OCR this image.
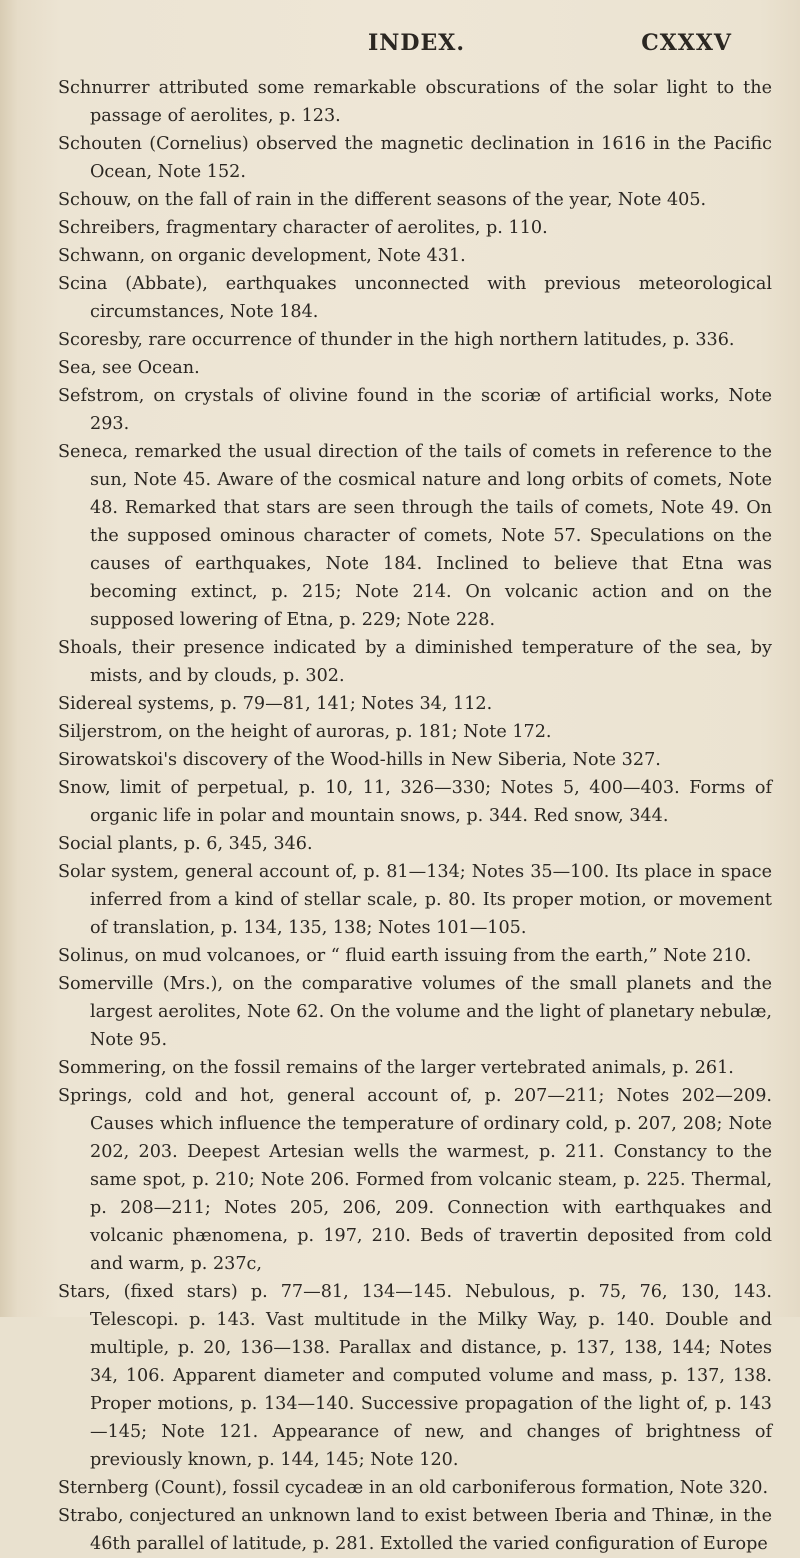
INDEX.	CXXXV

Schnurrer attributed some remarkable obscurations of the solar light to the passage of aerolites, p. 123.

Schouten (Cornelius) observed the magnetic declination in 1616 in the Pacific Ocean, Note 152.

Schouw, on the fall of rain in the different seasons of the year, Note 405.

Schreibers, fragmentary character of aerolites, p. 110.

Schwann, on organic development, Note 431.

Scina (Abbate), earthquakes unconnected with previous meteorological circumstances, Note 184.

Scoresby, rare occurrence of thunder in the high northern latitudes, p. 336.

Sea, see Ocean.

Sefstrom, on crystals of olivine found in the scoriæ of artificial works, Note 293.

Seneca, remarked the usual direction of the tails of comets in reference to the sun, Note 45. Aware of the cosmical nature and long orbits of comets, Note 48. Remarked that stars are seen through the tails of comets, Note 49. On the supposed ominous character of comets, Note 57. Speculations on the causes of earthquakes, Note 184. Inclined to believe that Etna was becoming extinct, p. 215; Note 214. On volcanic action and on the supposed lowering of Etna, p. 229; Note 228.

Shoals, their presence indicated by a diminished temperature of the sea, by mists, and by clouds, p. 302.

Sidereal systems, p. 79—81, 141; Notes 34, 112.

Siljerstrom, on the height of auroras, p. 181; Note 172.

Sirowatskoi's discovery of the Wood-hills in New Siberia, Note 327.

Snow, limit of perpetual, p. 10, 11, 326—330; Notes 5, 400—403. Forms of organic life in polar and mountain snows, p. 344. Red snow, 344.

Social plants, p. 6, 345, 346.

Solar system, general account of, p. 81—134; Notes 35—100. Its place in space inferred from a kind of stellar scale, p. 80. Its proper motion, or movement of translation, p. 134, 135, 138; Notes 101—105.

Solinus, on mud volcanoes, or “ fluid earth issuing from the earth,” Note 210.

Somerville (Mrs.), on the comparative volumes of the small planets and the largest aerolites, Note 62. On the volume and the light of planetary nebulæ, Note 95.

Sommering, on the fossil remains of the larger vertebrated animals, p. 261.

Springs, cold and hot, general account of, p. 207—211; Notes 202—209. Causes which influence the temperature of ordinary cold, p. 207, 208; Note 202, 203. Deepest Artesian wells the warmest, p. 211. Constancy to the same spot, p. 210; Note 206. Formed from volcanic steam, p. 225. Thermal, p. 208—211; Notes 205, 206, 209. Connection with earthquakes and volcanic phænomena, p. 197, 210. Beds of travertin deposited from cold and warm, p. 237c,

Stars, (fixed stars) p. 77—81, 134—145. Nebulous, p. 75, 76, 130, 143. Telescopi. p. 143. Vast multitude in the Milky Way, p. 140. Double and multiple, p. 20, 136—138. Parallax and distance, p. 137, 138, 144; Notes 34, 106. Apparent diameter and computed volume and mass, p. 137, 138. Proper motions, p. 134—140. Successive propagation of the light of, p. 143—145; Note 121. Appearance of new, and changes of brightness of previously known, p. 144, 145; Note 120.

Sternberg (Count), fossil cycadeæ in an old carboniferous formation, Note 320.

Strabo, conjectured an unknown land to exist between Iberia and Thinæ, in the 46th parallel of latitude, p. 281. Extolled the varied configuration of Europe
